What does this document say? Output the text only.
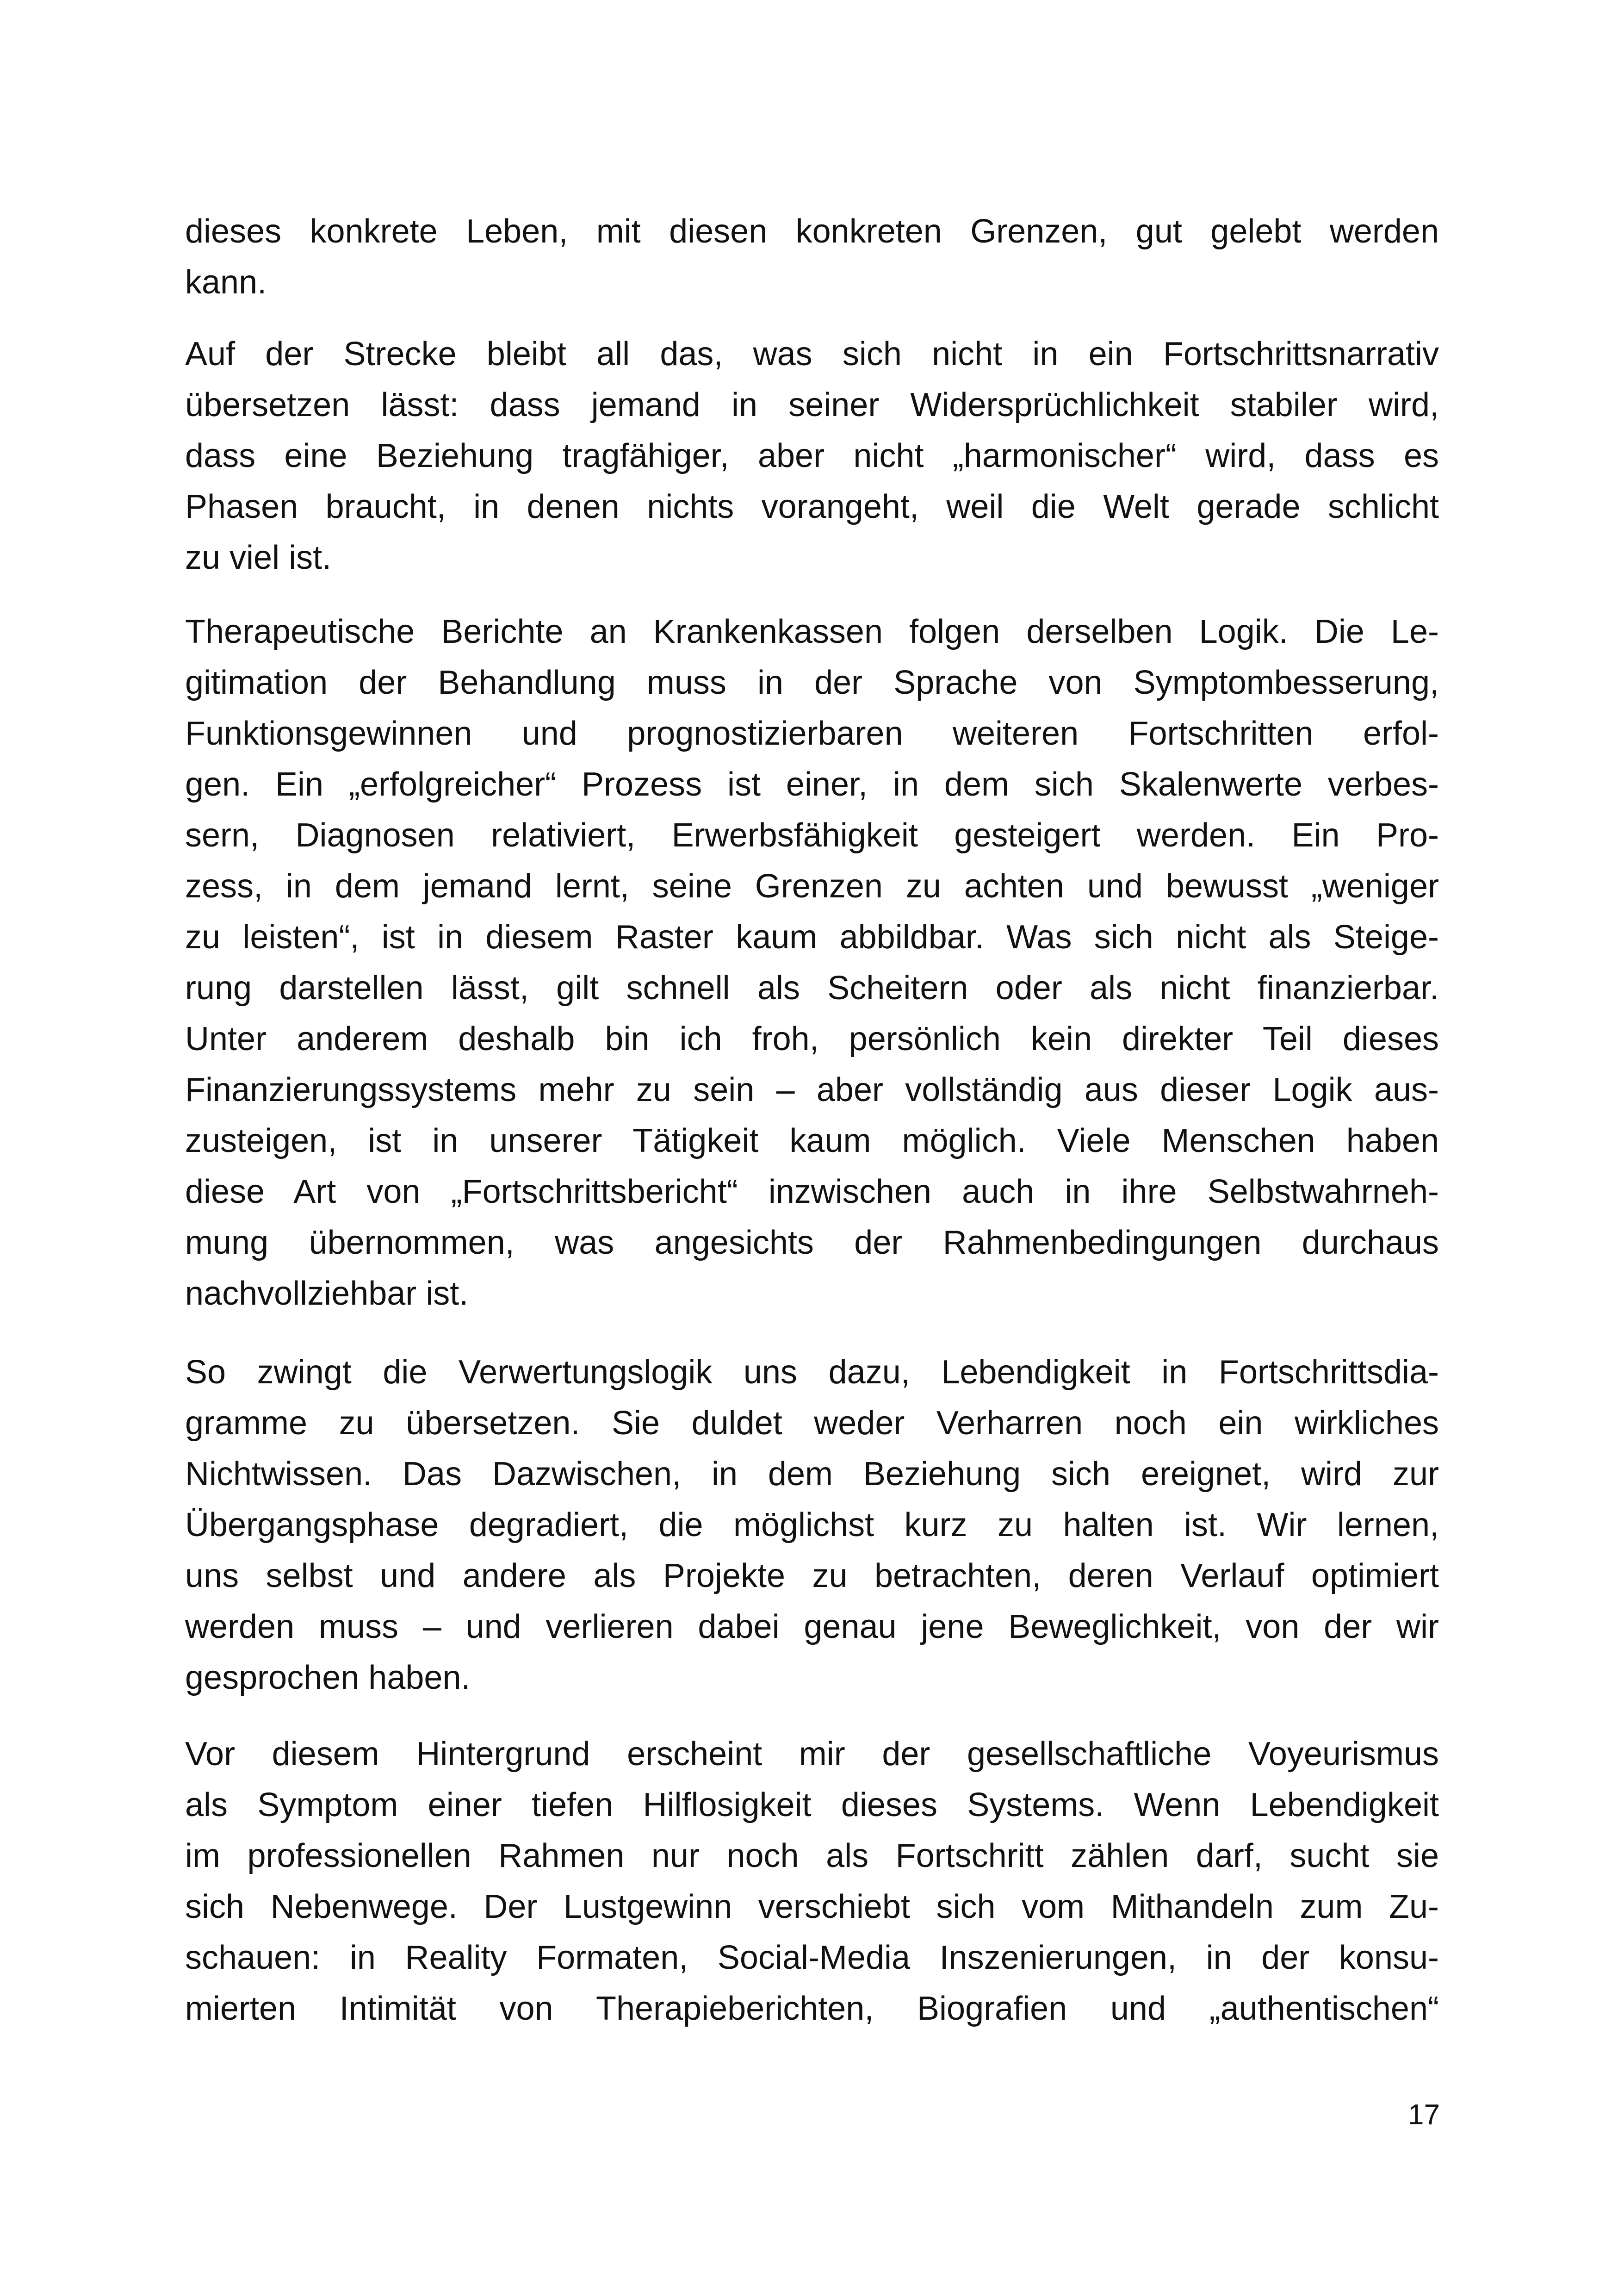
dieses konkrete Leben, mit diesen konkreten Grenzen, gut gelebt werden
kann.
Auf der Strecke bleibt all das, was sich nicht in ein Fortschrittsnarrativ
übersetzen lässt: dass jemand in seiner Widersprüchlichkeit stabiler wird,
dass eine Beziehung tragfähiger, aber nicht „harmonischer“ wird, dass es
Phasen braucht, in denen nichts vorangeht, weil die Welt gerade schlicht
zu viel ist.
Therapeutische Berichte an Krankenkassen folgen derselben Logik. Die Le-
gitimation der Behandlung muss in der Sprache von Symptombesserung,
Funktionsgewinnen und prognostizierbaren weiteren Fortschritten erfol-
gen. Ein „erfolgreicher“ Prozess ist einer, in dem sich Skalenwerte verbes-
sern, Diagnosen relativiert, Erwerbsfähigkeit gesteigert werden. Ein Pro-
zess, in dem jemand lernt, seine Grenzen zu achten und bewusst „weniger
zu leisten“, ist in diesem Raster kaum abbildbar. Was sich nicht als Steige-
rung darstellen lässt, gilt schnell als Scheitern oder als nicht finanzierbar.
Unter anderem deshalb bin ich froh, persönlich kein direkter Teil dieses
Finanzierungssystems mehr zu sein – aber vollständig aus dieser Logik aus-
zusteigen, ist in unserer Tätigkeit kaum möglich. Viele Menschen haben
diese Art von „Fortschrittsbericht“ inzwischen auch in ihre Selbstwahrneh-
mung übernommen, was angesichts der Rahmenbedingungen durchaus
nachvollziehbar ist.
So zwingt die Verwertungslogik uns dazu, Lebendigkeit in Fortschrittsdia-
gramme zu übersetzen. Sie duldet weder Verharren noch ein wirkliches
Nichtwissen. Das Dazwischen, in dem Beziehung sich ereignet, wird zur
Übergangsphase degradiert, die möglichst kurz zu halten ist. Wir lernen,
uns selbst und andere als Projekte zu betrachten, deren Verlauf optimiert
werden muss – und verlieren dabei genau jene Beweglichkeit, von der wir
gesprochen haben.
Vor diesem Hintergrund erscheint mir der gesellschaftliche Voyeurismus
als Symptom einer tiefen Hilflosigkeit dieses Systems. Wenn Lebendigkeit
im professionellen Rahmen nur noch als Fortschritt zählen darf, sucht sie
sich Nebenwege. Der Lustgewinn verschiebt sich vom Mithandeln zum Zu-
schauen: in Reality Formaten, Social-Media Inszenierungen, in der konsu-
mierten Intimität von Therapieberichten, Biografien und „authentischen“
17
